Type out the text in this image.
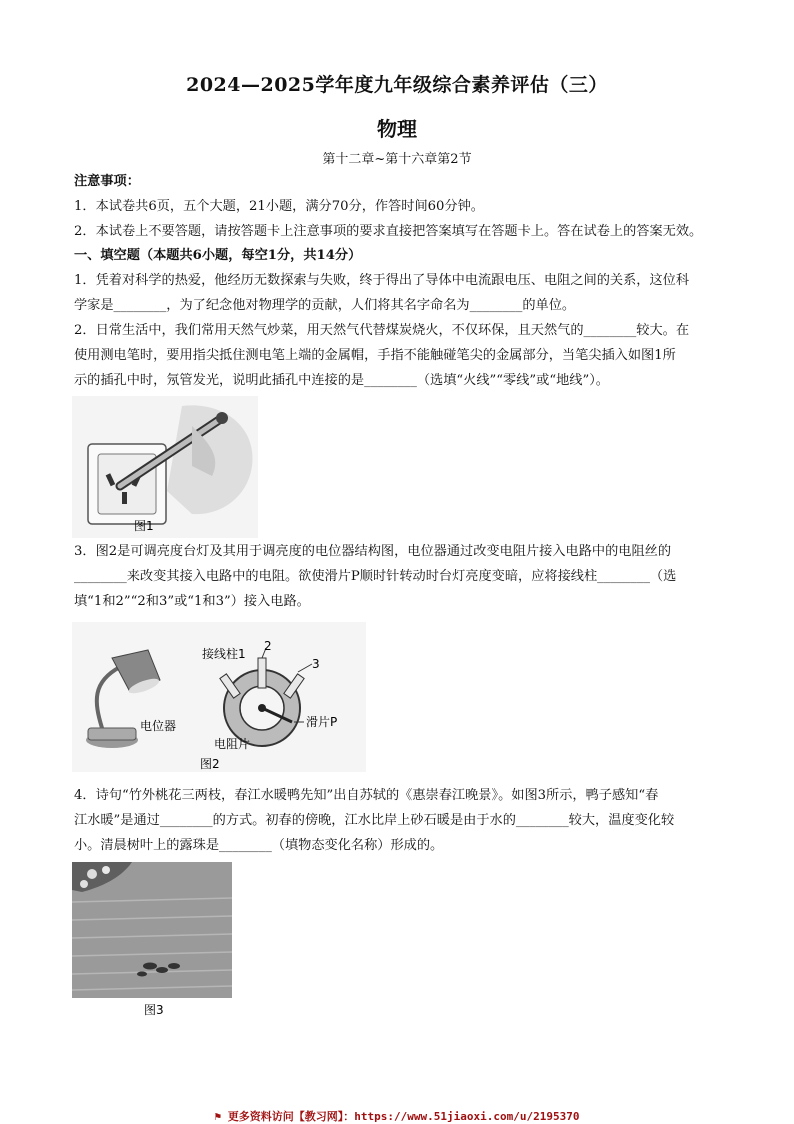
2024—2025学年度九年级综合素养评估（三）
物理
第十二章~第十六章第2节
注意事项：
1．本试卷共6页，五个大题，21小题，满分70分，作答时间60分钟。
2．本试卷上不要答题，请按答题卡上注意事项的要求直接把答案填写在答题卡上。答在试卷上的答案无效。
一、填空题（本题共6小题，每空1分，共14分）
1．凭着对科学的热爱，他经历无数探索与失败，终于得出了导体中电流跟电压、电阻之间的关系，这位科
学家是________，为了纪念他对物理学的贡献，人们将其名字命名为________的单位。
2．日常生活中，我们常用天然气炒菜，用天然气代替煤炭烧火，不仅环保，且天然气的________较大。在
使用测电笔时，要用指尖抵住测电笔上端的金属帽，手指不能触碰笔尖的金属部分，当笔尖插入如图1所
示的插孔中时，氖管发光，说明此插孔中连接的是________（选填“火线”“零线”或“地线”）。
图1
3．图2是可调亮度台灯及其用于调亮度的电位器结构图，电位器通过改变电阻片接入电路中的电阻丝的
________来改变其接入电路中的电阻。欲使滑片P顺时针转动时台灯亮度变暗，应将接线柱________（选
填“1和2”“2和3”或“1和3”）接入电路。
电位器
接线柱1
2
3
滑片P
电阻片
图2
4．诗句“竹外桃花三两枝，春江水暖鸭先知”出自苏轼的《惠崇春江晚景》。如图3所示，鸭子感知“春
江水暖”是通过________的方式。初春的傍晚，江水比岸上砂石暖是由于水的________较大，温度变化较
小。清晨树叶上的露珠是________（填物态变化名称）形成的。
图3
⚑ 更多资料访问【教习网】：https://www.51jiaoxi.com/u/2195370
